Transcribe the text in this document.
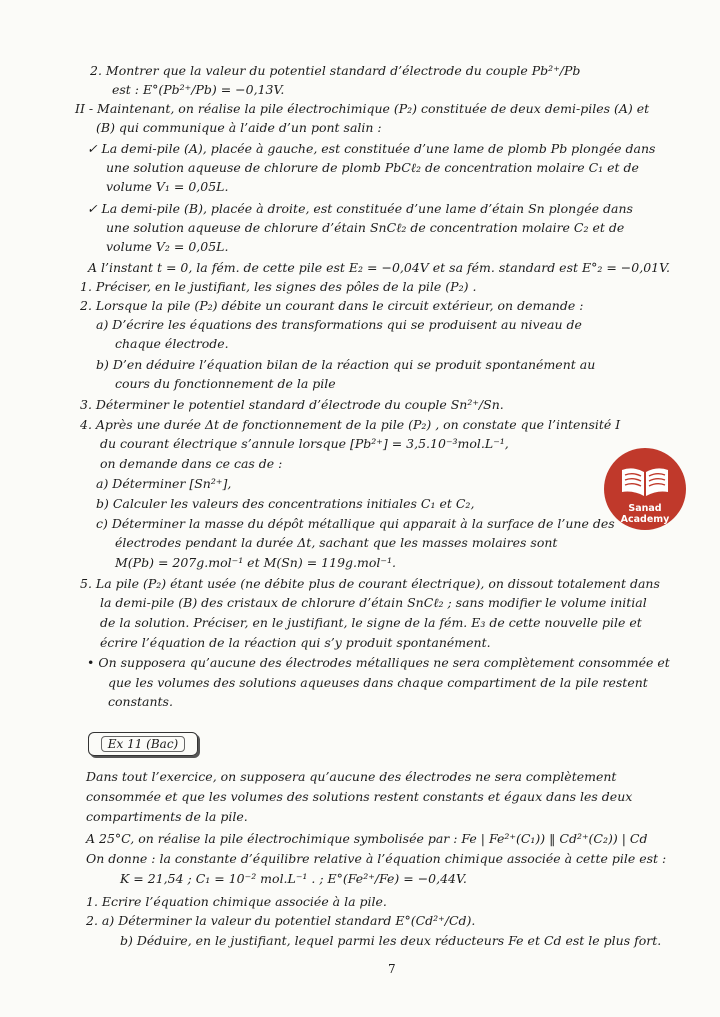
2. Montrer que la valeur du potentiel standard d’électrode du couple Pb²⁺/Pb
est : E°(Pb²⁺/Pb) = −0,13V.
II - Maintenant, on réalise la pile électrochimique (P₂) constituée de deux demi-piles (A) et
(B) qui communique à l’aide d’un pont salin :
✓ La demi-pile (A), placée à gauche, est constituée d’une lame de plomb Pb plongée dans
une solution aqueuse de chlorure de plomb PbCℓ₂ de concentration molaire C₁ et de
volume V₁ = 0,05L.
✓ La demi-pile (B), placée à droite, est constituée d’une lame d’étain Sn plongée dans
une solution aqueuse de chlorure d’étain SnCℓ₂ de concentration molaire C₂ et de
volume V₂ = 0,05L.
A l’instant t = 0, la fém. de cette pile est E₂ = −0,04V et sa fém. standard est E°₂ = −0,01V.
1. Préciser, en le justifiant, les signes des pôles de la pile (P₂) .
2. Lorsque la pile (P₂) débite un courant dans le circuit extérieur, on demande :
a) D’écrire les équations des transformations qui se produisent au niveau de
chaque électrode.
b) D’en déduire l’équation bilan de la réaction qui se produit spontanément au
cours du fonctionnement de la pile
3. Déterminer le potentiel standard d’électrode du couple Sn²⁺/Sn.
4. Après une durée Δt de fonctionnement de la pile (P₂) , on constate que l’intensité I
du courant électrique s’annule lorsque [Pb²⁺] = 3,5.10⁻³mol.L⁻¹,
on demande dans ce cas de :
a) Déterminer [Sn²⁺],
b) Calculer les valeurs des concentrations initiales C₁ et C₂,
c) Déterminer la masse du dépôt métallique qui apparait à la surface de l’une des
électrodes pendant la durée Δt, sachant que les masses molaires sont
M(Pb) = 207g.mol⁻¹ et M(Sn) = 119g.mol⁻¹.
5. La pile (P₂) étant usée (ne débite plus de courant électrique), on dissout totalement dans
la demi-pile (B) des cristaux de chlorure d’étain SnCℓ₂ ; sans modifier le volume initial
de la solution. Préciser, en le justifiant, le signe de la fém. E₃ de cette nouvelle pile et
écrire l’équation de la réaction qui s’y produit spontanément.
• On supposera qu’aucune des électrodes métalliques ne sera complètement consommée et
que les volumes des solutions aqueuses dans chaque compartiment de la pile restent
constants.
Ex 11 (Bac)
Dans tout l’exercice, on supposera qu’aucune des électrodes ne sera complètement
consommée et que les volumes des solutions restent constants et égaux dans les deux
compartiments de la pile.
A 25°C, on réalise la pile électrochimique symbolisée par : Fe | Fe²⁺(C₁)) ‖ Cd²⁺(C₂)) | Cd
On donne : la constante d’équilibre relative à l’équation chimique associée à cette pile est :
K = 21,54 ; C₁ = 10⁻² mol.L⁻¹ . ; E°(Fe²⁺/Fe) = −0,44V.
1. Ecrire l’équation chimique associée à la pile.
2. a) Déterminer la valeur du potentiel standard E°(Cd²⁺/Cd).
b) Déduire, en le justifiant, lequel parmi les deux réducteurs Fe et Cd est le plus fort.
7
Sanad Academy
